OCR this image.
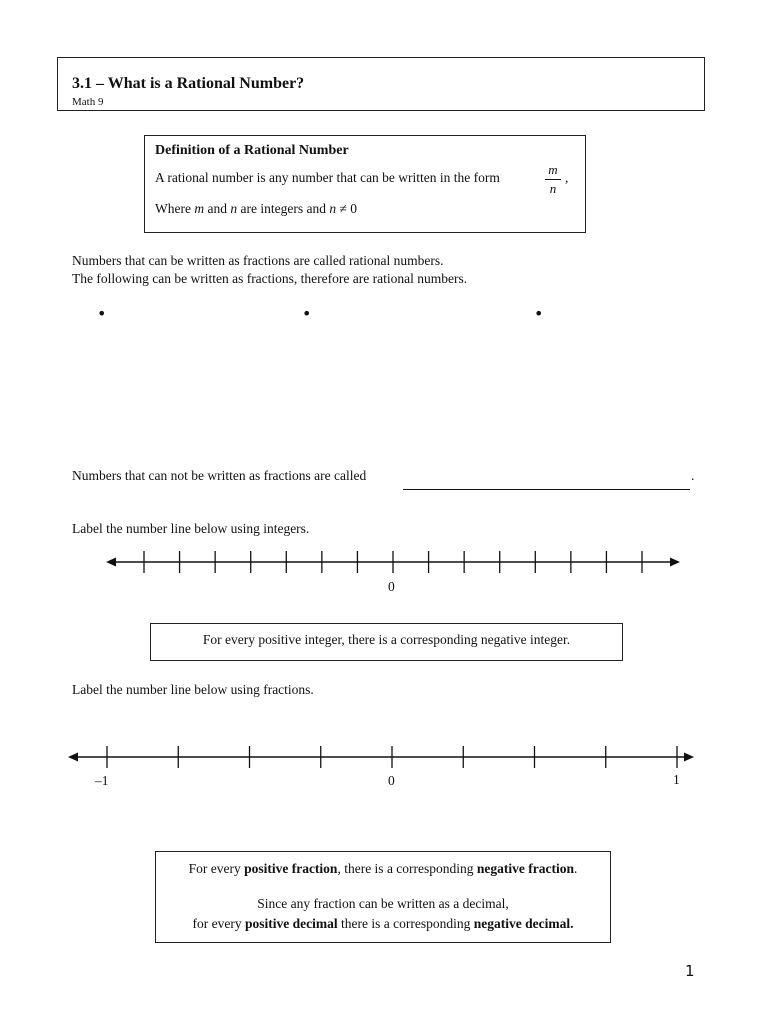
3.1 – What is a Rational Number?
Math 9
Definition of a Rational Number
A rational number is any number that can be written in the form	$\frac{m}{n}$ ,
Where m and n are integers and n ≠ 0
Numbers that can be written as fractions are called rational numbers.
The following can be written as fractions, therefore are rational numbers.
•	•	•
Numbers that can not be written as fractions are called	.
Label the number line below using integers.
0
For every positive integer, there is a corresponding negative integer.
Label the number line below using fractions.
–1	0	1
For every positive fraction, there is a corresponding negative fraction.
Since any fraction can be written as a decimal,
for every positive decimal there is a corresponding negative decimal.
1
